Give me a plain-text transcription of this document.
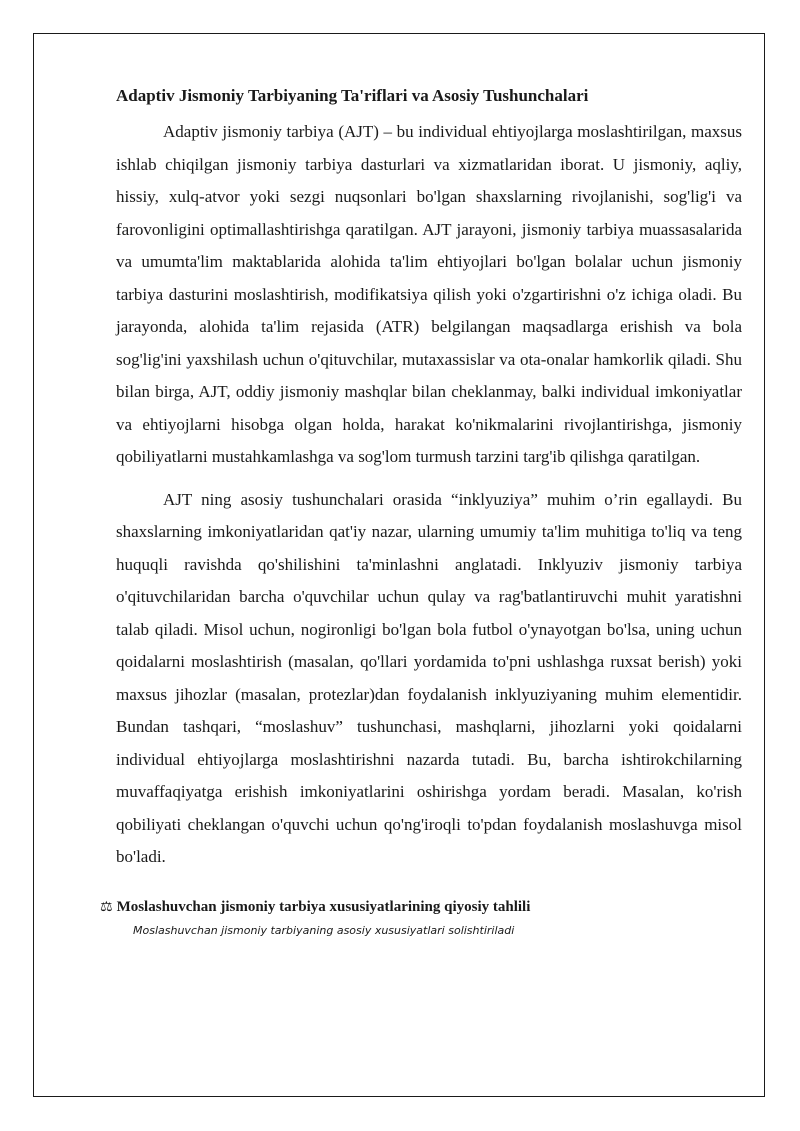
Adaptiv Jismoniy Tarbiyaning Ta'riflari va Asosiy Tushunchalari

Adaptiv jismoniy tarbiya (AJT) – bu individual ehtiyojlarga moslashtirilgan, maxsus ishlab chiqilgan jismoniy tarbiya dasturlari va xizmatlaridan iborat. U jismoniy, aqliy, hissiy, xulq-atvor yoki sezgi nuqsonlari bo'lgan shaxslarning rivojlanishi, sog'lig'i va farovonligini optimallashtirishga qaratilgan. AJT jarayoni, jismoniy tarbiya muassasalarida va umumta'lim maktablarida alohida ta'lim ehtiyojlari bo'lgan bolalar uchun jismoniy tarbiya dasturini moslashtirish, modifikatsiya qilish yoki o'zgartirishni o'z ichiga oladi. Bu jarayonda, alohida ta'lim rejasida (ATR) belgilangan maqsadlarga erishish va bola sog'lig'ini yaxshilash uchun o'qituvchilar, mutaxassislar va ota-onalar hamkorlik qiladi. Shu bilan birga, AJT, oddiy jismoniy mashqlar bilan cheklanmay, balki individual imkoniyatlar va ehtiyojlarni hisobga olgan holda, harakat ko'nikmalarini rivojlantirishga, jismoniy qobiliyatlarni mustahkamlashga va sog'lom turmush tarzini targ'ib qilishga qaratilgan.

AJT ning asosiy tushunchalari orasida “inklyuziya” muhim o’rin egallaydi. Bu shaxslarning imkoniyatlaridan qat'iy nazar, ularning umumiy ta'lim muhitiga to'liq va teng huquqli ravishda qo'shilishini ta'minlashni anglatadi. Inklyuziv jismoniy tarbiya o'qituvchilaridan barcha o'quvchilar uchun qulay va rag'batlantiruvchi muhit yaratishni talab qiladi. Misol uchun, nogironligi bo'lgan bola futbol o'ynayotgan bo'lsa, uning uchun qoidalarni moslashtirish (masalan, qo'llari yordamida to'pni ushlashga ruxsat berish) yoki maxsus jihozlar (masalan, protezlar)dan foydalanish inklyuziyaning muhim elementidir. Bundan tashqari, “moslashuv” tushunchasi, mashqlarni, jihozlarni yoki qoidalarni individual ehtiyojlarga moslashtirishni nazarda tutadi. Bu, barcha ishtirokchilarning muvaffaqiyatga erishish imkoniyatlarini oshirishga yordam beradi. Masalan, ko'rish qobiliyati cheklangan o'quvchi uchun qo'ng'iroqli to'pdan foydalanish moslashuvga misol bo'ladi.

⚖ Moslashuvchan jismoniy tarbiya xususiyatlarining qiyosiy tahlili
Moslashuvchan jismoniy tarbiyaning asosiy xususiyatlari solishtiriladi
